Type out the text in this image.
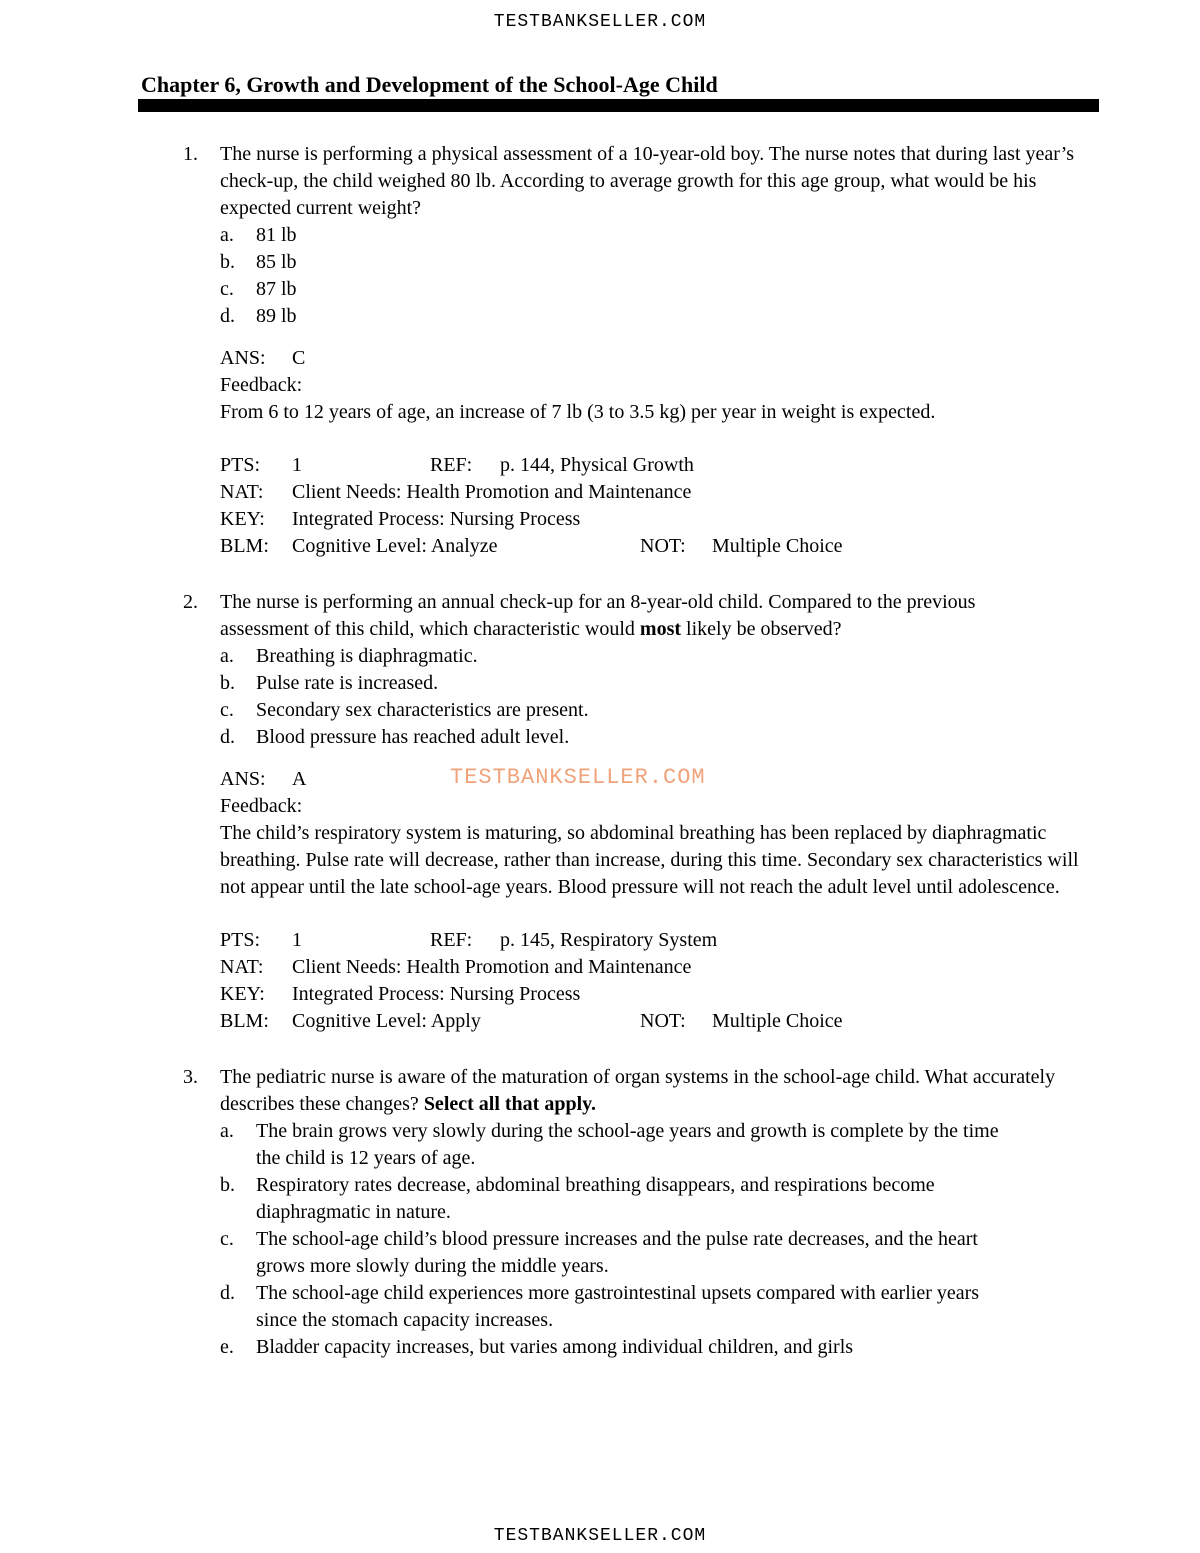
TESTBANKSELLER.COM
Chapter 6, Growth and Development of the School-Age Child
1. The nurse is performing a physical assessment of a 10-year-old boy. The nurse notes that during last year’s check-up, the child weighed 80 lb. According to average growth for this age group, what would be his expected current weight?

a. 81 lb
b. 85 lb
c. 87 lb
d. 89 lb
ANS: C
Feedback:
From 6 to 12 years of age, an increase of 7 lb (3 to 3.5 kg) per year in weight is expected.
PTS:	1	REF:	p. 144, Physical Growth
NAT:	Client Needs: Health Promotion and Maintenance
KEY:	Integrated Process: Nursing Process
BLM:	Cognitive Level: Analyze	NOT:	Multiple Choice
2. The nurse is performing an annual check-up for an 8-year-old child. Compared to the previous assessment of this child, which characteristic would most likely be observed?

a. Breathing is diaphragmatic.
b. Pulse rate is increased.
c. Secondary sex characteristics are present.
d. Blood pressure has reached adult level.
ANS: A
Feedback:
The child’s respiratory system is maturing, so abdominal breathing has been replaced by diaphragmatic breathing. Pulse rate will decrease, rather than increase, during this time. Secondary sex characteristics will not appear until the late school-age years. Blood pressure will not reach the adult level until adolescence.
PTS:	1	REF:	p. 145, Respiratory System
NAT:	Client Needs: Health Promotion and Maintenance
KEY:	Integrated Process: Nursing Process
BLM:	Cognitive Level: Apply	NOT:	Multiple Choice
3. The pediatric nurse is aware of the maturation of organ systems in the school-age child. What accurately describes these changes? Select all that apply.

a. The brain grows very slowly during the school-age years and growth is complete by the time the child is 12 years of age.
b. Respiratory rates decrease, abdominal breathing disappears, and respirations become diaphragmatic in nature.
c. The school-age child’s blood pressure increases and the pulse rate decreases, and the heart grows more slowly during the middle years.
d. The school-age child experiences more gastrointestinal upsets compared with earlier years since the stomach capacity increases.
e. Bladder capacity increases, but varies among individual children, and girls
TESTBANKSELLER.COM
TESTBANKSELLER.COM
